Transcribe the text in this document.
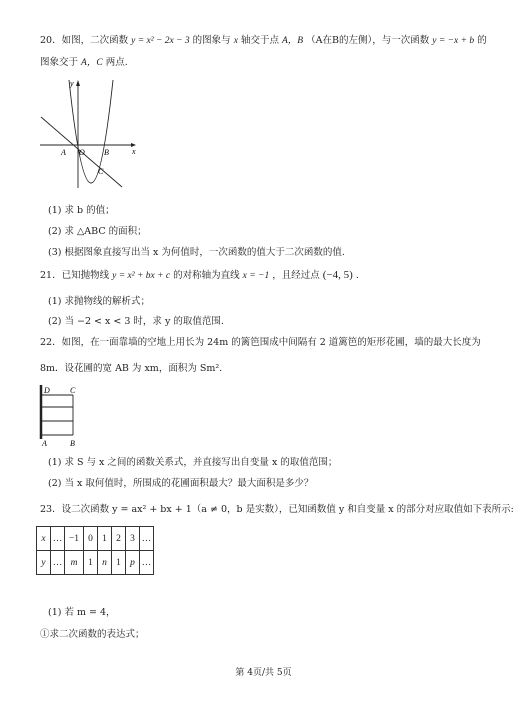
20．如图，二次函数 y = x² − 2x − 3 的图象与 x 轴交于点 A，B （A在B的左侧），与一次函数 y = −x + b 的
图象交于 A，C 两点.
y
x
A O B
C
(1) 求 b 的值；
(2) 求 △ABC 的面积；
(3) 根据图象直接写出当 x 为何值时，一次函数的值大于二次函数的值.
21．已知抛物线 y = x² + bx + c 的对称轴为直线 x = −1 ，且经过点 (−4, 5) .
(1) 求抛物线的解析式；
(2) 当 −2 < x < 3 时，求 y 的取值范围.
22．如图，在一面靠墙的空地上用长为 24m 的篱笆围成中间隔有 2 道篱笆的矩形花圃，墙的最大长度为
8m．设花圃的宽 AB 为 xm，面积为 Sm².
D	C
A	B
(1) 求 S 与 x 之间的函数关系式，并直接写出自变量 x 的取值范围；
(2) 当 x 取何值时，所围成的花圃面积最大？最大面积是多少？
23．设二次函数 y = ax² + bx + 1（a ≠ 0，b 是实数），已知函数值 y 和自变量 x 的部分对应取值如下表所示:
x	…	−1	0	1	2	3	…
y	…	m	1	n	1	p	…
(1) 若 m = 4，
①求二次函数的表达式；
第 4页/共 5页
